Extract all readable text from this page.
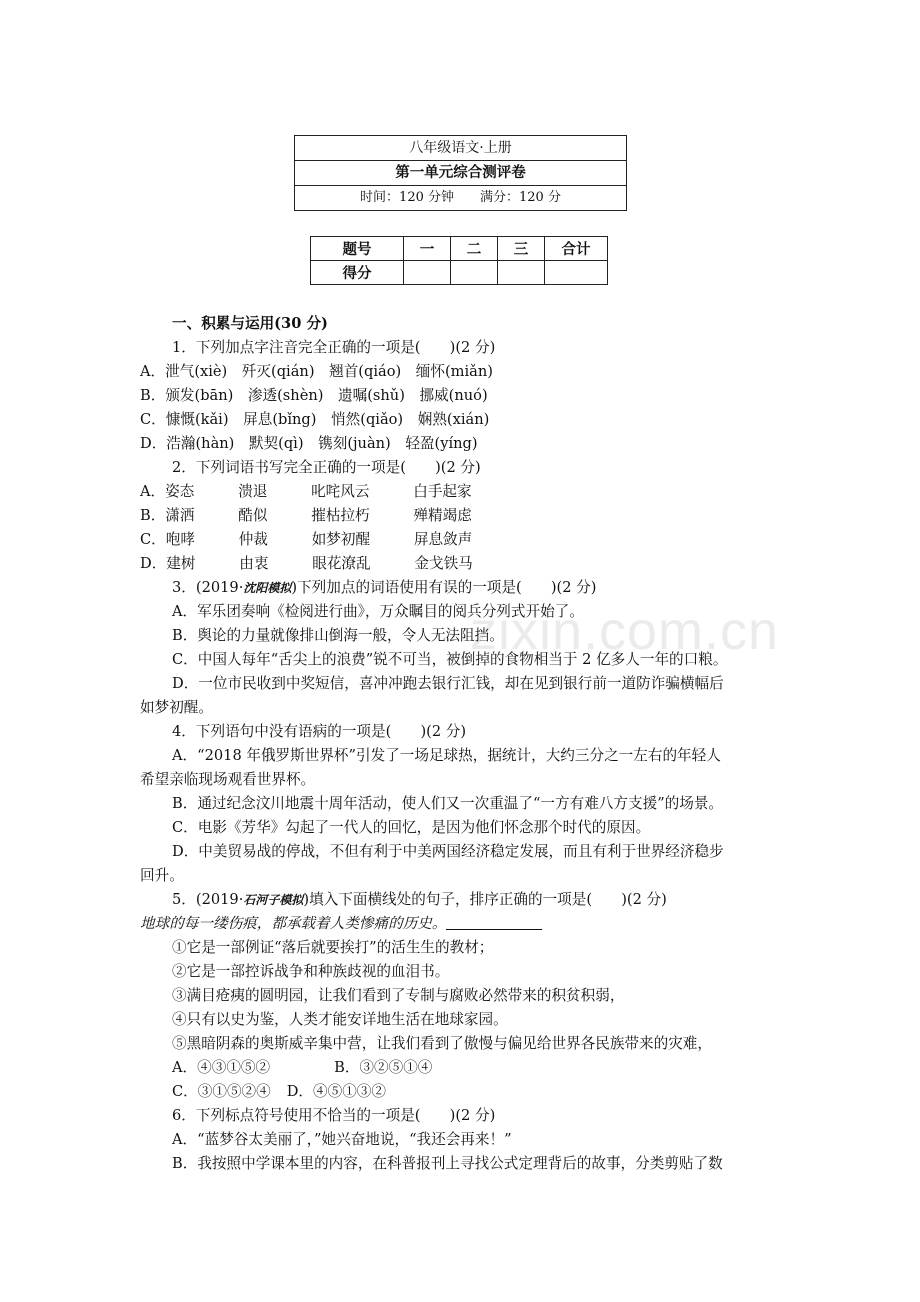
zixin.com.cn
八年级语文·上册
第一单元综合测评卷
时间：120 分钟　　满分：120 分
题号	一	二	三	合计
得分				
一、积累与运用(30 分)
1．下列加点字注音完全正确的一项是(　　)(2 分)
A．泄气(xiè)　歼灭(qián)　翘首(qiáo)　缅怀(miǎn)
B．颁发(bān)　渗透(shèn)　遗嘱(shǔ)　挪威(nuó)
C．慷慨(kǎi)　屏息(bǐng)　悄然(qiǎo)　娴熟(xián)
D．浩瀚(hàn)　默契(qì)　镌刻(juàn)　轻盈(yíng)
2．下列词语书写完全正确的一项是(　　)(2 分)
A．姿态　　　溃退　　　叱咤风云　　　白手起家
B．潇洒　　　酷似　　　摧枯拉朽　　　殚精竭虑
C．咆哮　　　仲裁　　　如梦初醒　　　屏息敛声
D．建树　　　由衷　　　眼花潦乱　　　金戈铁马
3．(2019·沈阳模拟)下列加点的词语使用有误的一项是(　　)(2 分)
A．军乐团奏响《检阅进行曲》，万众瞩目的阅兵分列式开始了。
B．舆论的力量就像排山倒海一般，令人无法阻挡。
C．中国人每年“舌尖上的浪费”锐不可当，被倒掉的食物相当于 2 亿多人一年的口粮。
D．一位市民收到中奖短信，喜冲冲跑去银行汇钱，却在见到银行前一道防诈骗横幅后
如梦初醒。
4．下列语句中没有语病的一项是(　　)(2 分)
A．“2018 年俄罗斯世界杯”引发了一场足球热，据统计，大约三分之一左右的年轻人
希望亲临现场观看世界杯。
B．通过纪念汶川地震十周年活动，使人们又一次重温了“一方有难八方支援”的场景。
C．电影《芳华》勾起了一代人的回忆，是因为他们怀念那个时代的原因。
D．中美贸易战的停战，不但有利于中美两国经济稳定发展，而且有利于世界经济稳步
回升。
5．(2019·石河子模拟)填入下面横线处的句子，排序正确的一项是(　　)(2 分)
地球的每一缕伤痕，都承载着人类惨痛的历史。
①它是一部例证“落后就要挨打”的活生生的教材；
②它是一部控诉战争和种族歧视的血泪书。
③满目疮痍的圆明园，让我们看到了专制与腐败必然带来的积贫积弱，
④只有以史为鉴，人类才能安详地生活在地球家园。
⑤黑暗阴森的奥斯威辛集中营，让我们看到了傲慢与偏见给世界各民族带来的灾难，
A．④③①⑤②	B．③②⑤①④
C．③①⑤②④ D．④⑤①③②
6．下列标点符号使用不恰当的一项是(　　)(2 分)
A．“蓝梦谷太美丽了，”她兴奋地说，“我还会再来！”
B．我按照中学课本里的内容，在科普报刊上寻找公式定理背后的故事，分类剪贴了数
